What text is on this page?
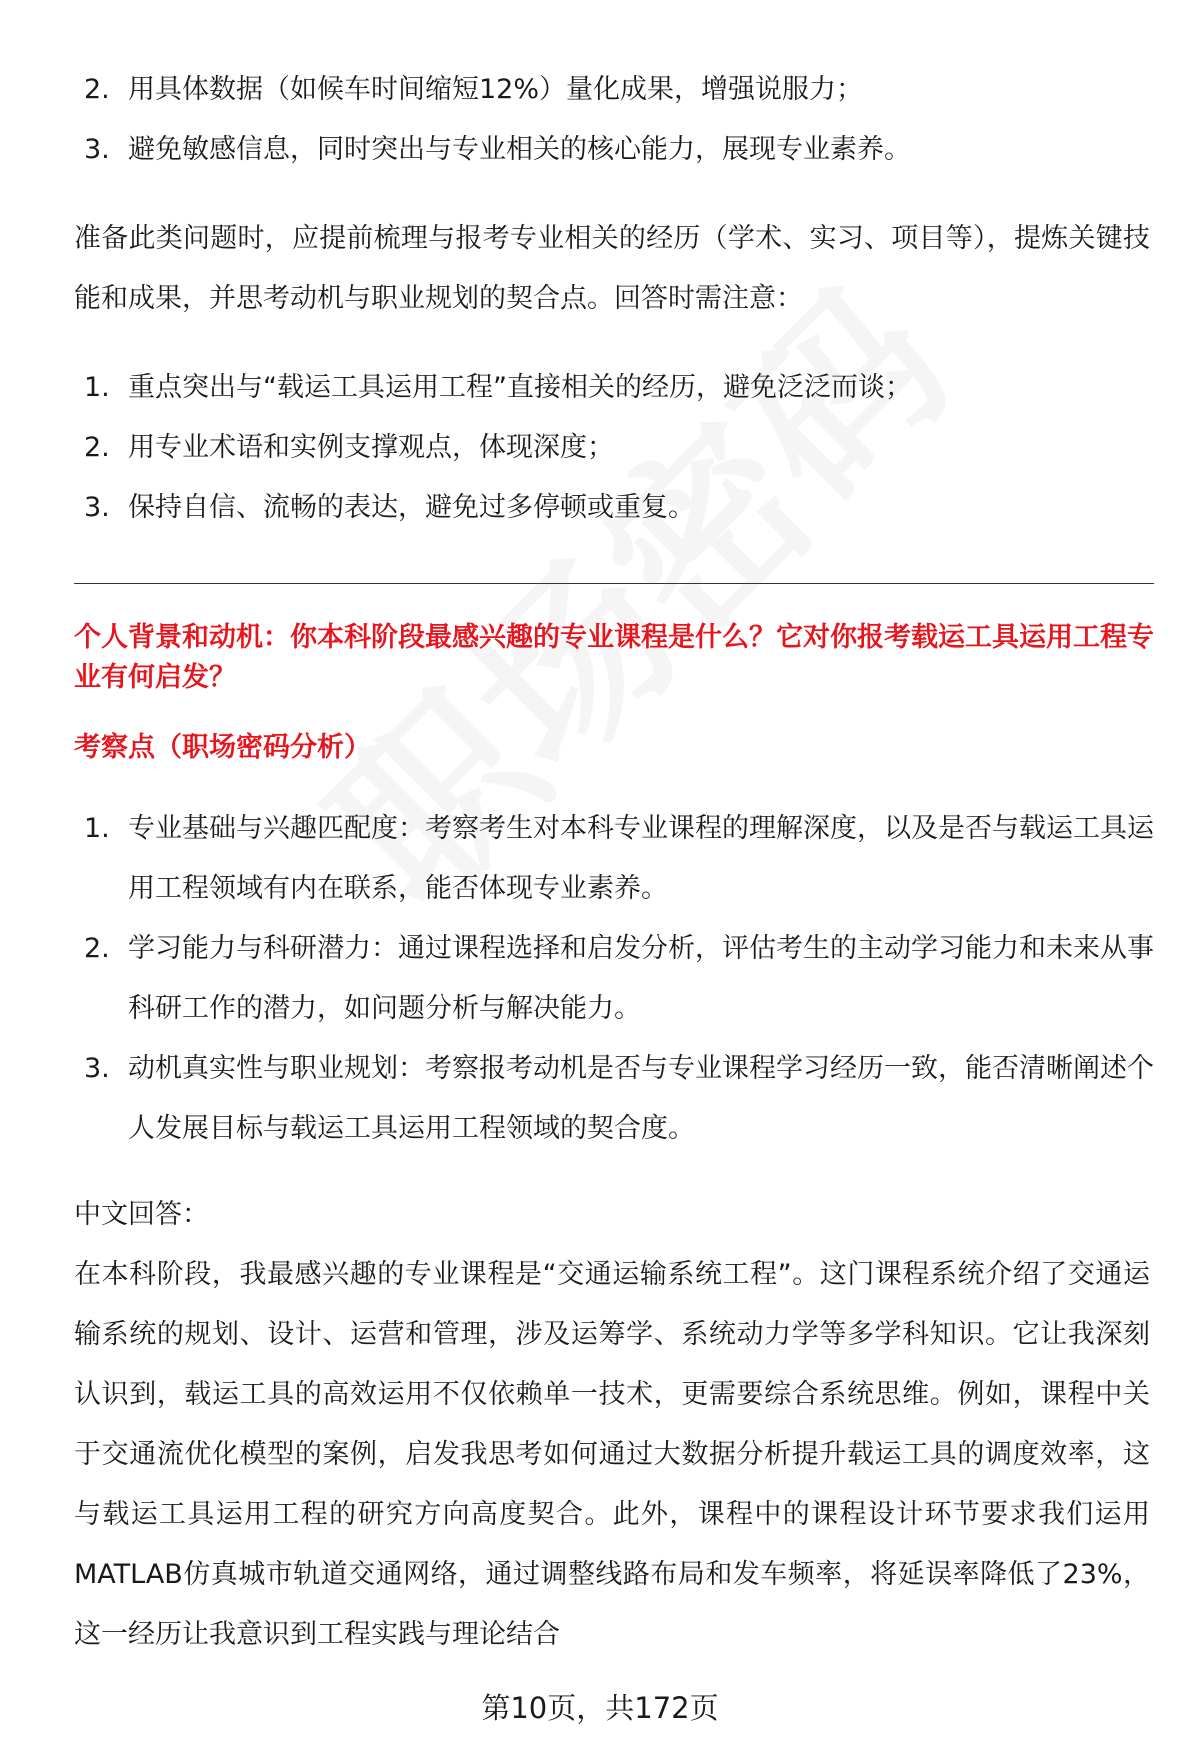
2. 用具体数据（如候车时间缩短12%）量化成果，增强说服力；
3. 避免敏感信息，同时突出与专业相关的核心能力，展现专业素养。

准备此类问题时，应提前梳理与报考专业相关的经历（学术、实习、项目等），提炼关键技能和成果，并思考动机与职业规划的契合点。回答时需注意：

1. 重点突出与“载运工具运用工程”直接相关的经历，避免泛泛而谈；
2. 用专业术语和实例支撑观点，体现深度；
3. 保持自信、流畅的表达，避免过多停顿或重复。

个人背景和动机：你本科阶段最感兴趣的专业课程是什么？它对你报考载运工具运用工程专业有何启发？

考察点（职场密码分析）

1. 专业基础与兴趣匹配度：考察考生对本科专业课程的理解深度，以及是否与载运工具运用工程领域有内在联系，能否体现专业素养。
2. 学习能力与科研潜力：通过课程选择和启发分析，评估考生的主动学习能力和未来从事科研工作的潜力，如问题分析与解决能力。
3. 动机真实性与职业规划：考察报考动机是否与专业课程学习经历一致，能否清晰阐述个人发展目标与载运工具运用工程领域的契合度。

中文回答：

在本科阶段，我最感兴趣的专业课程是“交通运输系统工程”。这门课程系统介绍了交通运输系统的规划、设计、运营和管理，涉及运筹学、系统动力学等多学科知识。它让我深刻认识到，载运工具的高效运用不仅依赖单一技术，更需要综合系统思维。例如，课程中关于交通流优化模型的案例，启发我思考如何通过大数据分析提升载运工具的调度效率，这与载运工具运用工程的研究方向高度契合。此外，课程中的课程设计环节要求我们运用MATLAB仿真城市轨道交通网络，通过调整线路布局和发车频率，将延误率降低了23%，这一经历让我意识到工程实践与理论结合

第10页，共172页
